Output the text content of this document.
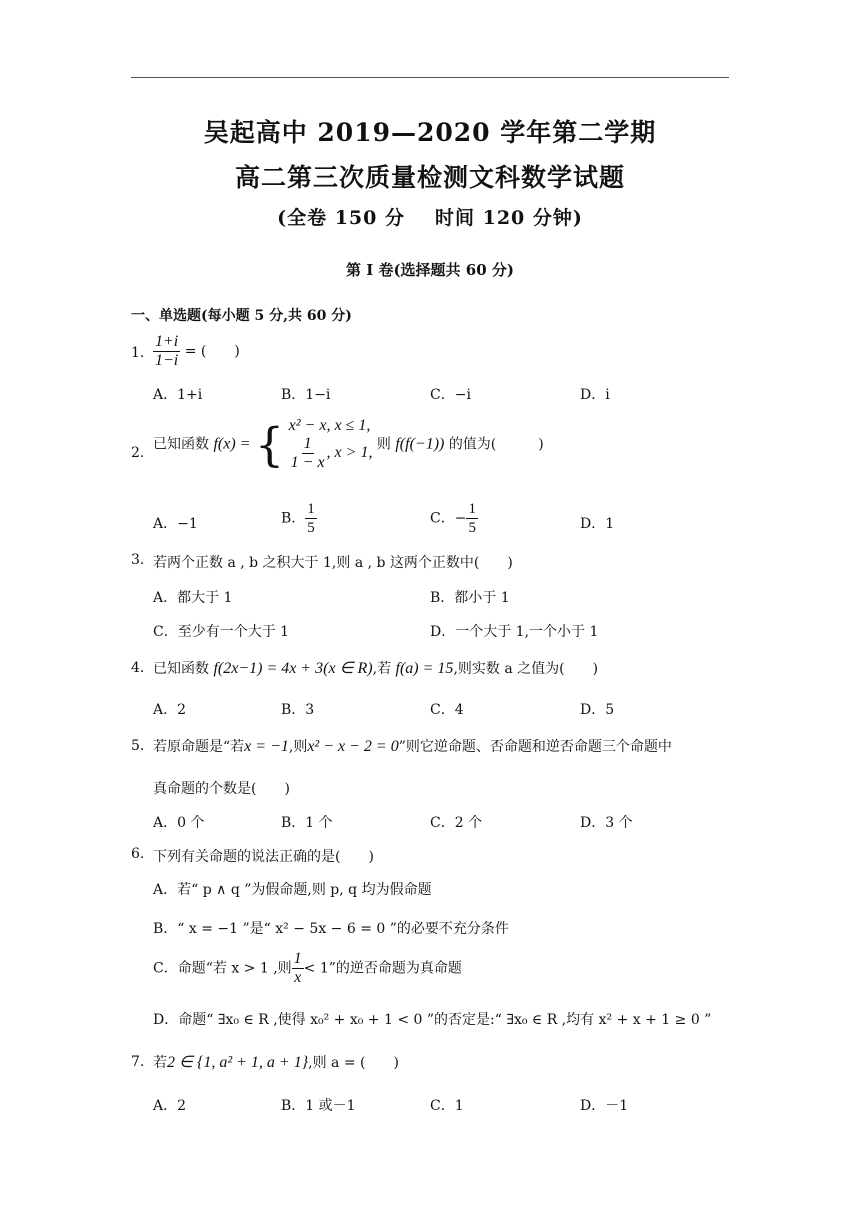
吴起高中 2019—2020 学年第二学期
高二第三次质量检测文科数学试题
(全卷 150 分 时间 120 分钟)
第 I 卷(选择题共 60 分)
一、单选题(每小题 5 分,共 60 分)
1. $\frac{1+i}{1-i}$ = (　　)
A．1+i	B．1−i	C．−i	D．i
2.
已知函数 f(x) = { x² − x, x ≤ 1,
$\frac{1}{1 - x}$ , x > 1, 则 f(f(−1)) 的值为(　　　)
A．−1	B． $\frac{1}{5}$	C．− $\frac{1}{5}$	D．1
3. 若两个正数 a , b 之积大于 1,则 a , b 这两个正数中(　　)
A．都大于 1	B．都小于 1
C．至少有一个大于 1	D．一个大于 1,一个小于 1
4. 已知函数 f(2x−1) = 4x + 3(x ∈ R),若 f(a) = 15,则实数 a 之值为(　　)
A．2	B．3	C．4	D．5
5. 若原命题是“若x = −1,则x² − x − 2 = 0”则它逆命题、否命题和逆否命题三个命题中
真命题的个数是(　　)
A．0 个	B．1 个	C．2 个	D．3 个
6. 下列有关命题的说法正确的是(　　)
A．若“ p ∧ q ”为假命题,则 p, q 均为假命题
B．“ x = −1 ”是“ x² − 5x − 6 = 0 ”的必要不充分条件
C．命题“若 x > 1 ,则 $\frac{1}{x} < 1$”的逆否命题为真命题
D．命题“ ∃x₀ ∈ R ,使得 x₀² + x₀ + 1 < 0 ”的否定是:“ ∃x₀ ∈ R ,均有 x² + x + 1 ≥ 0 ”
7. 若2 ∈ {1, a² + 1, a + 1},则 a = (　　)
A．2	B．1 或－1	C．1	D．－1
